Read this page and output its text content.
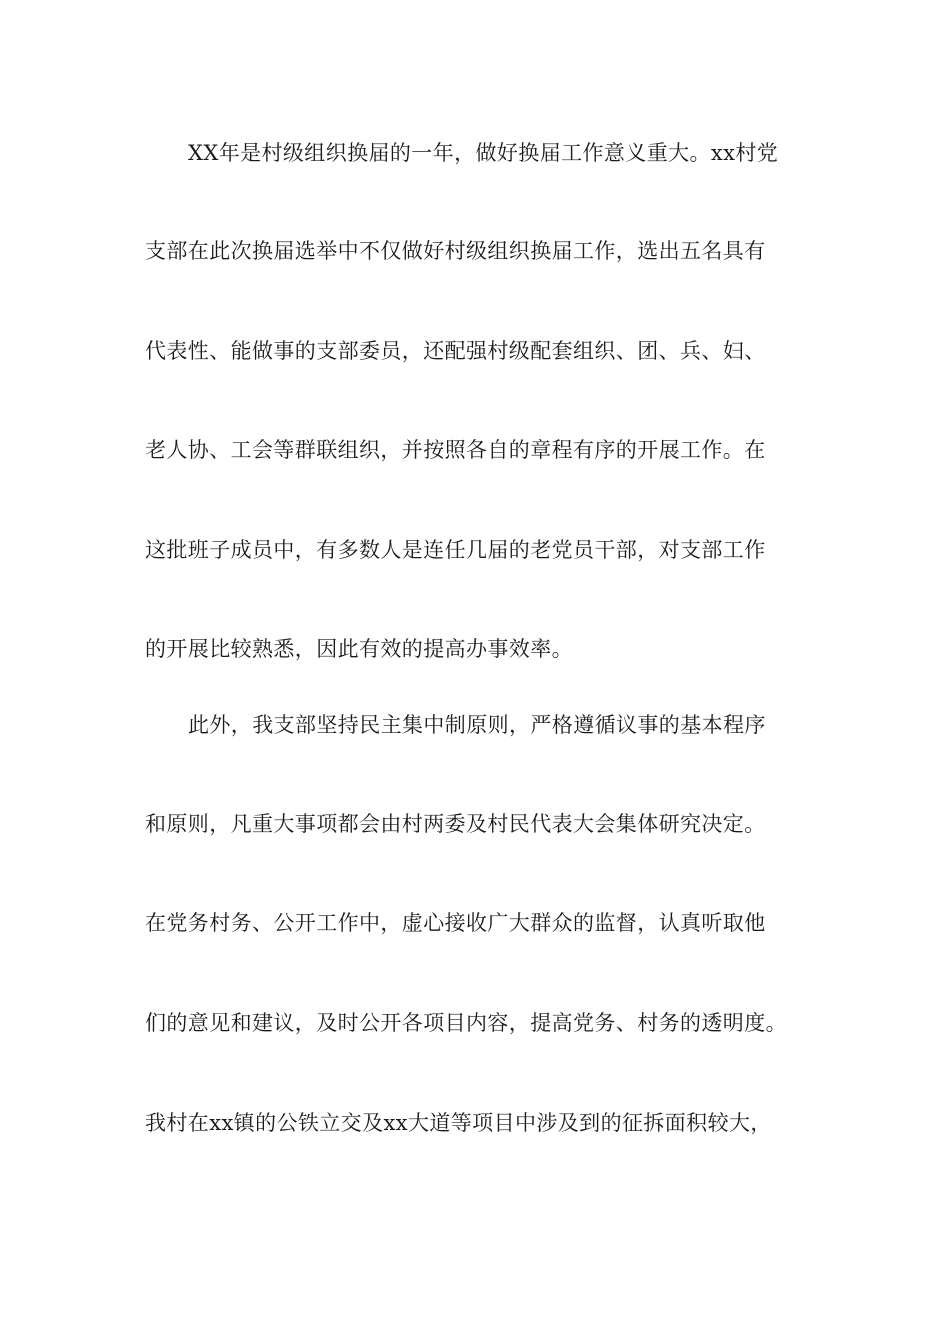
XX年是村级组织换届的一年，做好换届工作意义重大。xx村党
支部在此次换届选举中不仅做好村级组织换届工作，选出五名具有
代表性、能做事的支部委员，还配强村级配套组织、团、兵、妇、
老人协、工会等群联组织，并按照各自的章程有序的开展工作。在
这批班子成员中，有多数人是连任几届的老党员干部，对支部工作
的开展比较熟悉，因此有效的提高办事效率。
此外，我支部坚持民主集中制原则，严格遵循议事的基本程序
和原则，凡重大事项都会由村两委及村民代表大会集体研究决定。
在党务村务、公开工作中，虚心接收广大群众的监督，认真听取他
们的意见和建议，及时公开各项目内容，提高党务、村务的透明度。
我村在xx镇的公铁立交及xx大道等项目中涉及到的征拆面积较大，
